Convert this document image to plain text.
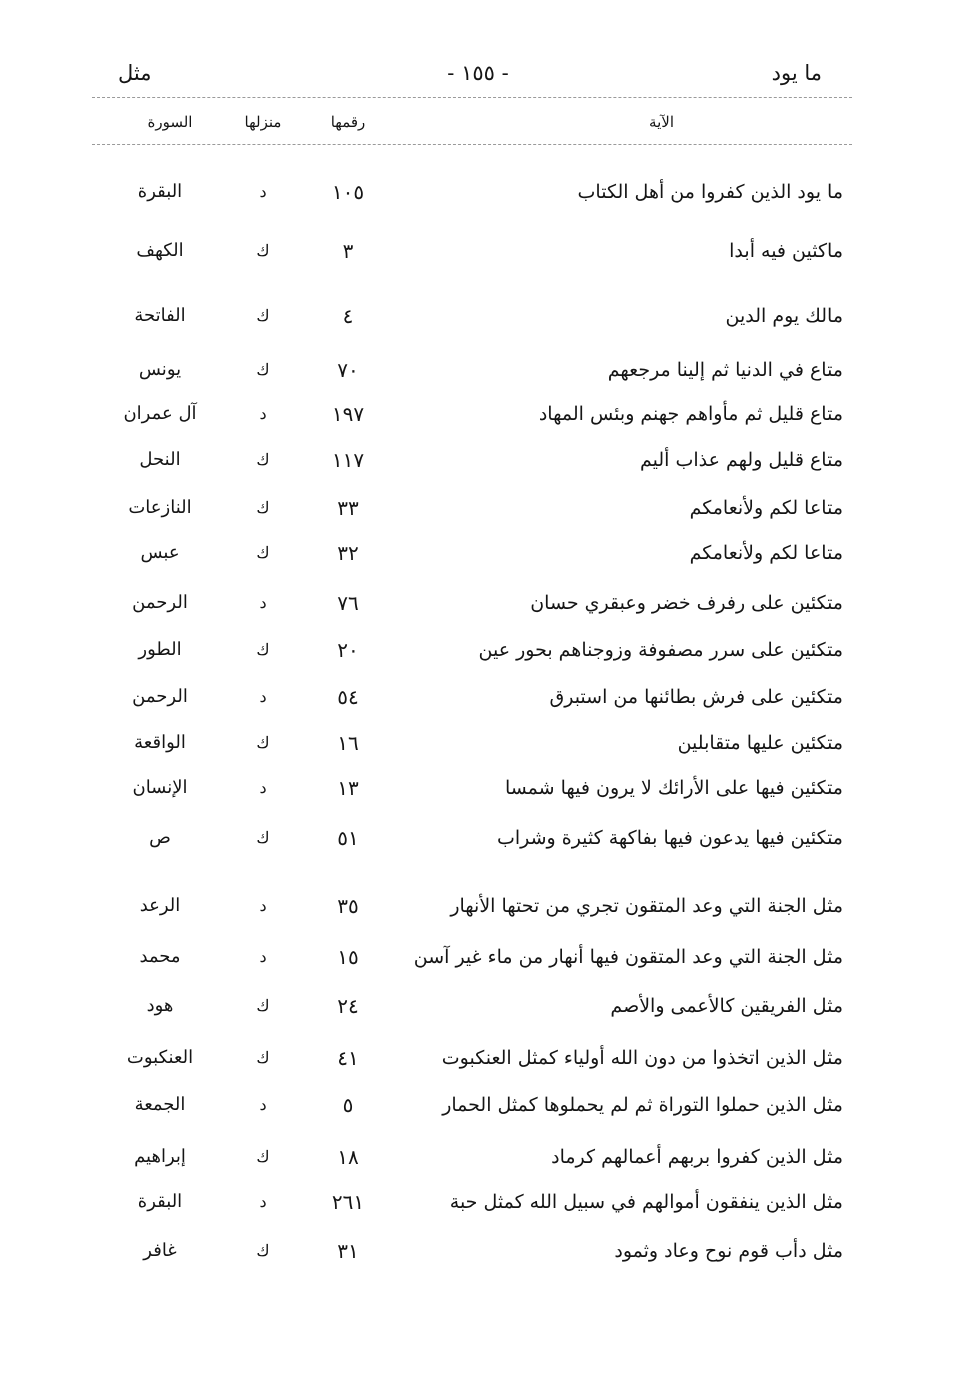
ما يود
- ١٥٥ -
مثل
الآية
رقمها
منزلها
السورة
ما يود الذين كفروا من أهل الكتاب
١٠٥
د
البقرة
ماكثين فيه أبدا
٣
ك
الكهف
مالك يوم الدين
٤
ك
الفاتحة
متاع في الدنيا ثم إلينا مرجعهم
٧٠
ك
يونس
متاع قليل ثم مأواهم جهنم وبئس المهاد
١٩٧
د
آل عمران
متاع قليل ولهم عذاب أليم
١١٧
ك
النحل
متاعا لكم ولأنعامكم
٣٣
ك
النازعات
متاعا لكم ولأنعامكم
٣٢
ك
عبس
متكئين على رفرف خضر وعبقري حسان
٧٦
د
الرحمن
متكئين على سرر مصفوفة وزوجناهم بحور عين
٢٠
ك
الطور
متكئين على فرش بطائنها من استبرق
٥٤
د
الرحمن
متكئين عليها متقابلين
١٦
ك
الواقعة
متكئين فيها على الأرائك لا يرون فيها شمسا
١٣
د
الإنسان
متكئين فيها يدعون فيها بفاكهة كثيرة وشراب
٥١
ك
ص
مثل الجنة التي وعد المتقون تجري من تحتها الأنهار
٣٥
د
الرعد
مثل الجنة التي وعد المتقون فيها أنهار من ماء غير آسن
١٥
د
محمد
مثل الفريقين كالأعمى والأصم
٢٤
ك
هود
مثل الذين اتخذوا من دون الله أولياء كمثل العنكبوت
٤١
ك
العنكبوت
مثل الذين حملوا التوراة ثم لم يحملوها كمثل الحمار
٥
د
الجمعة
مثل الذين كفروا بربهم أعمالهم كرماد
١٨
ك
إبراهيم
مثل الذين ينفقون أموالهم في سبيل الله كمثل حبة
٢٦١
د
البقرة
مثل دأب قوم نوح وعاد وثمود
٣١
ك
غافر
